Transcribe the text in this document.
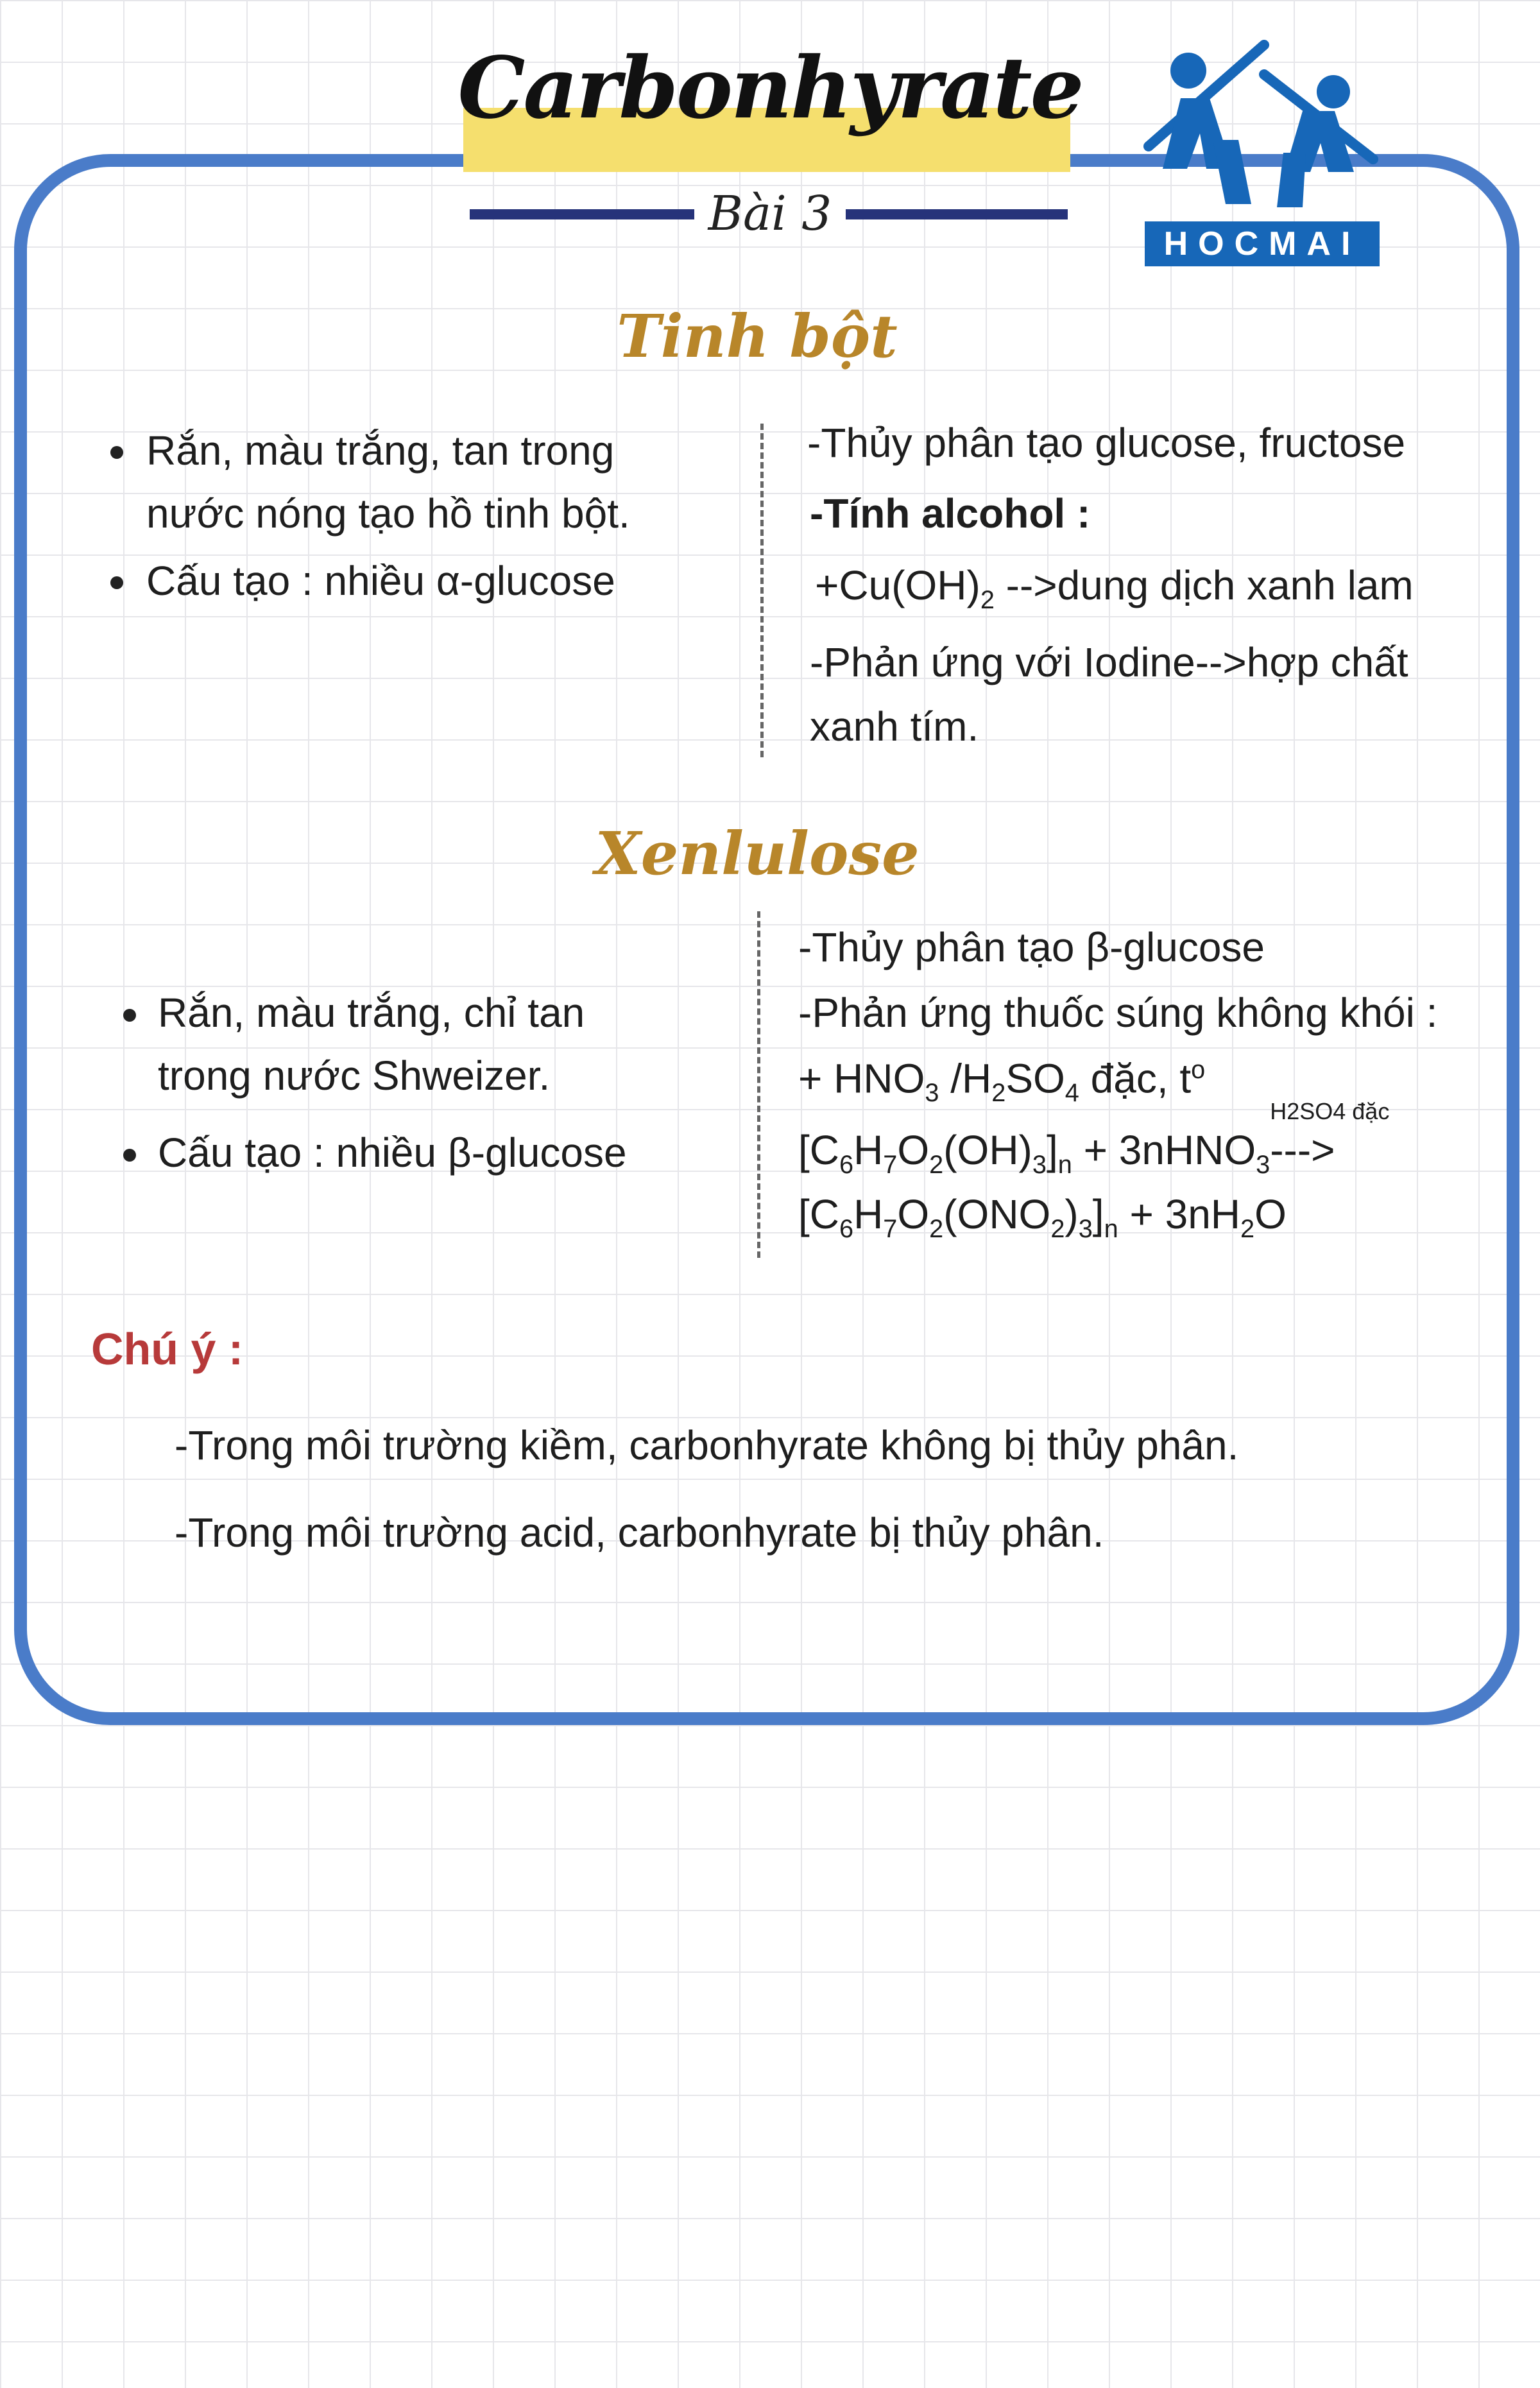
Carbonhyrate
Bài 3
HOCMAI
Tinh bột
Rắn, màu trắng, tan trong
nước nóng tạo hồ tinh bột.
Cấu tạo : nhiều α-glucose
-Thủy phân tạo glucose, fructose
-Tính alcohol :
$+Cu(OH)_2$ -->dung dịch xanh lam
-Phản ứng với Iodine-->hợp chất
xanh tím.
Xenlulose
Rắn, màu trắng, chỉ tan
trong nước Shweizer.
Cấu tạo : nhiều β-glucose
-Thủy phân tạo β-glucose
-Phản ứng thuốc súng không khói :
+ $HNO_3$ $/H_2SO_4$ đặc, $t^o$
$[C_6H_7O_2(OH)_3]_n$ + 3nHNO$_3$
H2SO4 đặc
--->
$[C_6H_7O_2(ONO_2)_3]_n + 3nH_2O$
Chú ý :
-Trong môi trường kiềm, carbonhyrate không bị thủy phân.
-Trong môi trường acid, carbonhyrate bị thủy phân.
